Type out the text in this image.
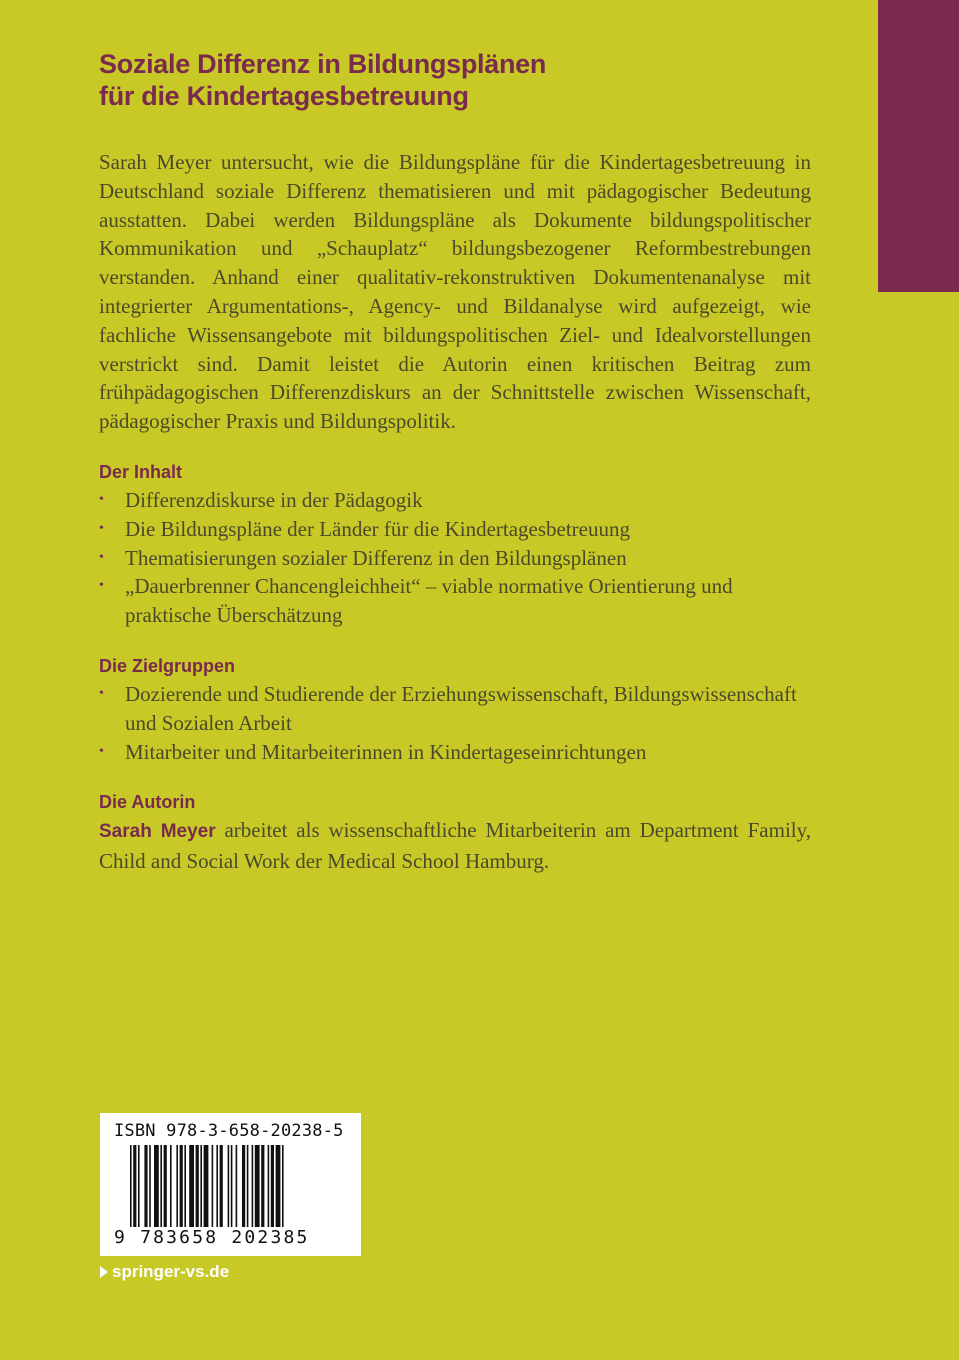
Soziale Differenz in Bildungsplänen
für die Kindertagesbetreuung

Sarah Meyer untersucht, wie die Bildungspläne für die Kindertagesbetreuung in Deutschland soziale Differenz thematisieren und mit pädagogischer Bedeutung ausstatten. Dabei werden Bildungspläne als Dokumente bildungspolitischer Kommunikation und „Schauplatz“ bildungsbezogener Reformbestrebungen verstanden. Anhand einer qualitativ-rekonstruktiven Dokumentenanalyse mit integrierter Argumentations-, Agency- und Bildanalyse wird aufgezeigt, wie fachliche Wissensangebote mit bildungspolitischen Ziel- und Idealvorstellungen verstrickt sind. Damit leistet die Autorin einen kritischen Beitrag zum frühpädagogischen Differenzdiskurs an der Schnittstelle zwischen Wissenschaft, pädagogischer Praxis und Bildungspolitik.

Der Inhalt
• Differenzdiskurse in der Pädagogik
• Die Bildungspläne der Länder für die Kindertagesbetreuung
• Thematisierungen sozialer Differenz in den Bildungsplänen
• „Dauerbrenner Chancengleichheit“ – viable normative Orientierung und praktische Überschätzung
Die Zielgruppen
• Dozierende und Studierende der Erziehungswissenschaft, Bildungswissenschaft und Sozialen Arbeit
• Mitarbeiter und Mitarbeiterinnen in Kindertageseinrichtungen
Die Autorin

Sarah Meyer arbeitet als wissenschaftliche Mitarbeiterin am Department Family, Child and Social Work der Medical School Hamburg.

ISBN 978-3-658-20238-5
9 783658 202385
springer-vs.de
